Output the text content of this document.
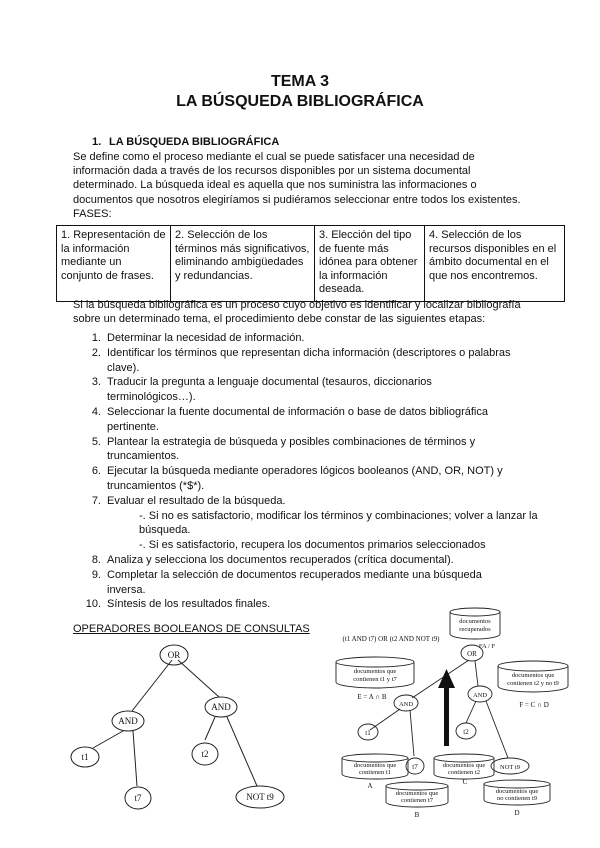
TEMA 3
LA BÚSQUEDA BIBLIOGRÁFICA
1. LA BÚSQUEDA BIBLIOGRÁFICA

Se define como el proceso mediante el cual se puede satisfacer una necesidad de

información dada a través de los recursos disponibles por un sistema documental

determinado. La búsqueda ideal es aquella que nos suministra las informaciones o

documentos que nosotros elegiríamos si pudiéramos seleccionar entre todos los existentes.

FASES:

1. Representación de la información mediante un conjunto de frases.	2. Selección de los términos más significativos, eliminando ambigüedades y redundancias.	3. Elección del tipo de fuente más idónea para obtener la información deseada.	4. Selección de los recursos disponibles en el ámbito documental en el que nos encontremos.

Si la búsqueda bibliográfica es un proceso cuyo objetivo es identificar y localizar bibliografía

sobre un determinado tema, el procedimiento debe constar de las siguientes etapas:

1. Determinar la necesidad de información.
2. Identificar los términos que representan dicha información (descriptores o palabras
clave).
3. Traducir la pregunta a lenguaje documental (tesauros, diccionarios
terminológicos…).
4. Seleccionar la fuente documental de información o base de datos bibliográfica
pertinente.
5. Plantear la estrategia de búsqueda y posibles combinaciones de términos y
truncamientos.
6. Ejecutar la búsqueda mediante operadores lógicos booleanos (AND, OR, NOT) y
truncamientos (*$*).
7. Evaluar el resultado de la búsqueda.
-. Si no es satisfactorio, modificar los términos y combinaciones; volver a lanzar la
búsqueda.
-. Si es satisfactorio, recupera los documentos primarios seleccionados
8. Analiza y selecciona los documentos recuperados (crítica documental).
9. Completar la selección de documentos recuperados mediante una búsqueda
inversa.
10. Síntesis de los resultados finales.
OPERADORES BOOLEANOS DE CONSULTAS
OR
AND
AND
t1	t2
t7	NOT t9
(t1 AND t7) OR (t2 AND NOT t9)
documentos
recuperados
FA / F
OR
documentos que
contienen t1 y t7
E = A ∩ B
documentos que
contienen t2 y no t9
F = C ∩ D
AND
AND
t1	t2
t7	NOT t9
documentos que
contienen t1
A
documentos que
contienen t2
C
documentos que
contienen t7
B
documentos que
no contienen t9
D
